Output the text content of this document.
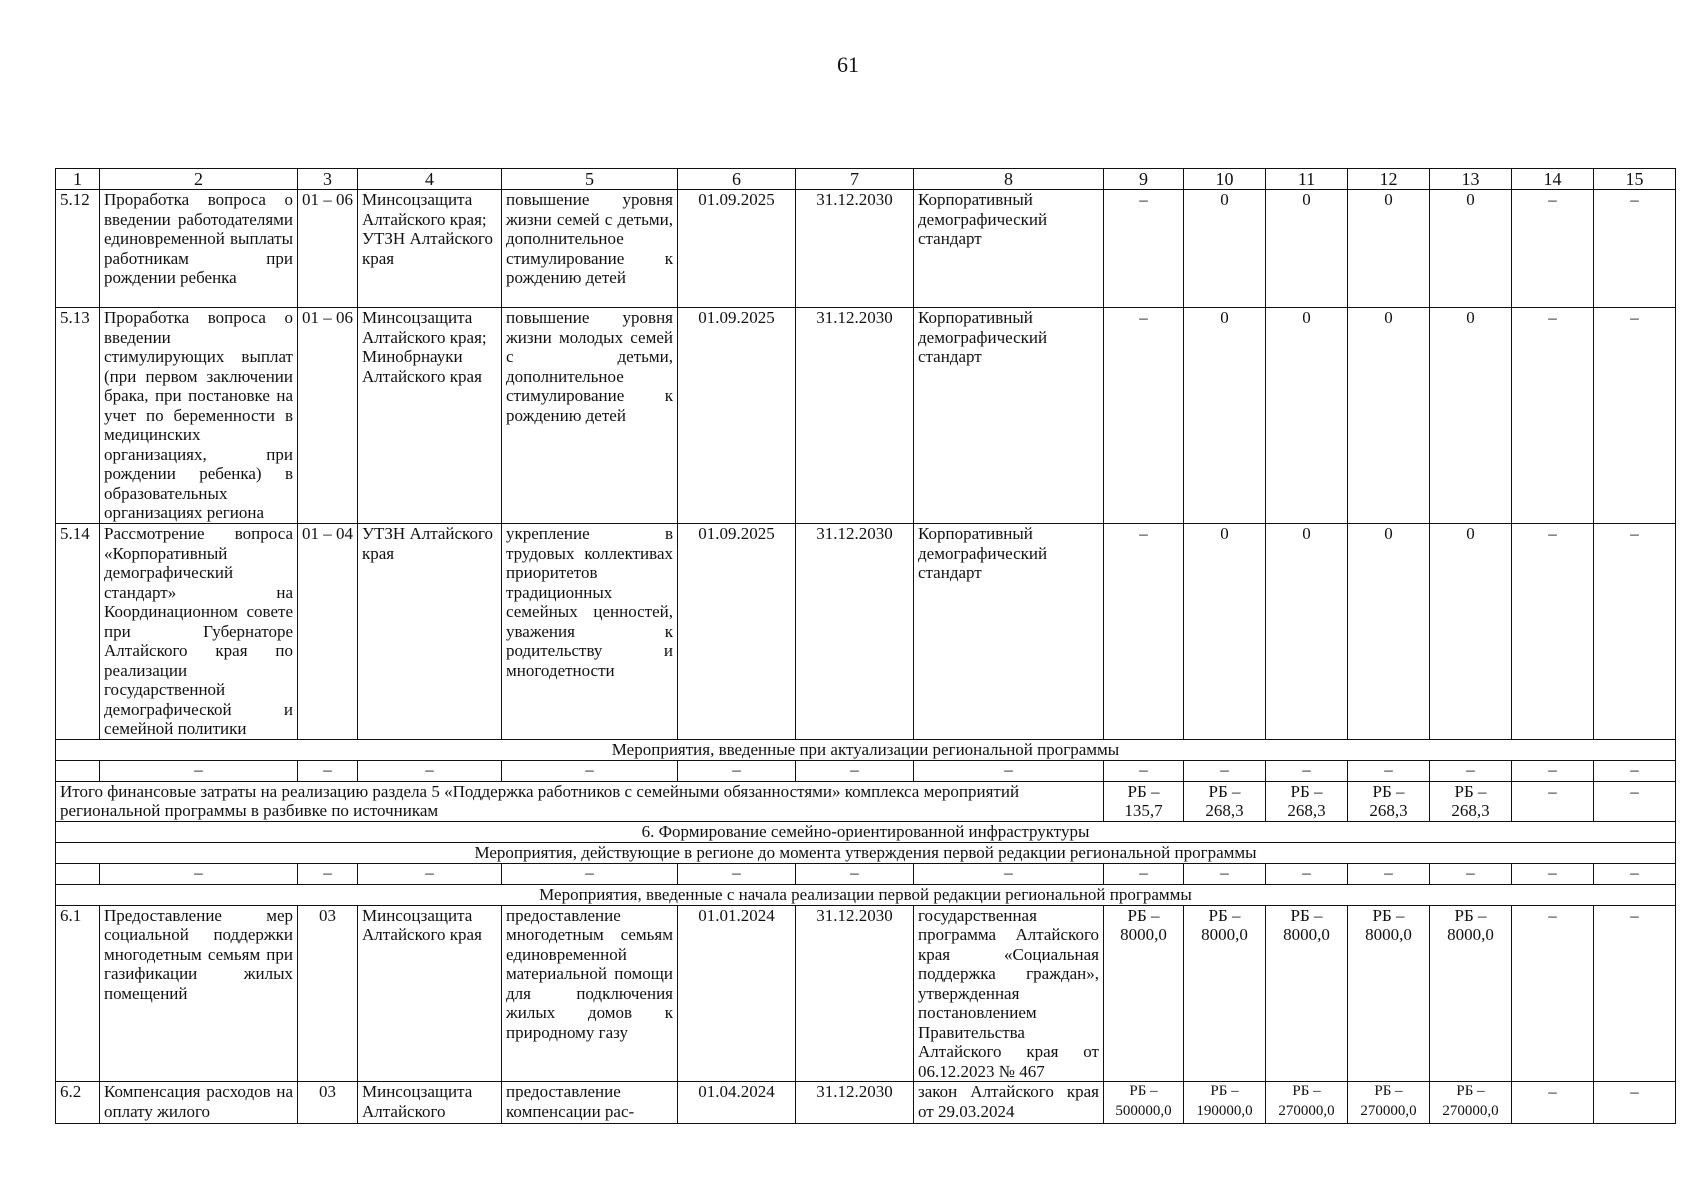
61
1	2	3	4	5	6	7	8	9	10	11	12	13	14	15
5.12	Проработка вопроса о введении работодателями единовременной выплаты работникам при рождении ребенка	01 – 06	Минсоцзащита Алтайского края; УТЗН Алтайского края	повышение уровня жизни семей с детьми, дополнительное стимулирование к рождению детей	01.09.2025	31.12.2030	Корпоративный демографический стандарт	–	0	0	0	0	–	–
5.13	Проработка вопроса о введении стимулирующих выплат (при первом заключении брака, при постановке на учет по беременности в медицинских организациях, при рождении ребенка) в образовательных организациях региона	01 – 06	Минсоцзащита Алтайского края; Минобрнауки Алтайского края	повышение уровня жизни молодых семей с детьми, дополнительное стимулирование к рождению детей	01.09.2025	31.12.2030	Корпоративный демографический стандарт	–	0	0	0	0	–	–
5.14	Рассмотрение вопроса «Корпоративный демографический стандарт» на Координационном совете при Губернаторе Алтайского края по реализации государственной демографической и семейной политики	01 – 04	УТЗН Алтайского края	укрепление в трудовых коллективах приоритетов традиционных семейных ценностей, уважения к родительству и многодетности	01.09.2025	31.12.2030	Корпоративный демографический стандарт	–	0	0	0	0	–	–
Мероприятия, введенные при актуализации региональной программы														
	–	–	–	–	–	–	–	–	–	–	–	–	–	–
Итого финансовые затраты на реализацию раздела 5 «Поддержка работников с семейными обязанностями» комплекса мероприятий региональной программы в разбивке по источникам								РБ – 135,7	РБ – 268,3	РБ – 268,3	РБ – 268,3	РБ – 268,3	–	–
6. Формирование семейно-ориентированной инфраструктуры														
Мероприятия, действующие в регионе до момента утверждения первой редакции региональной программы														
	–	–	–	–	–	–	–	–	–	–	–	–	–	–
Мероприятия, введенные с начала реализации первой редакции региональной программы														
6.1	Предоставление мер социальной поддержки многодетным семьям при газификации жилых помещений	03	Минсоцзащита Алтайского края	предоставление многодетным семьям единовременной материальной помощи для подключения жилых домов к природному газу	01.01.2024	31.12.2030	государственная программа Алтайского края «Социальная поддержка граждан», утвержденная постановлением Правительства Алтайского края от 06.12.2023 № 467	РБ – 8000,0	РБ – 8000,0	РБ – 8000,0	РБ – 8000,0	РБ – 8000,0	–	–
6.2	Компенсация расходов на оплату жилого	03	Минсоцзащита Алтайского	предоставление компенсации рас-	01.04.2024	31.12.2030	закон Алтайского края от 29.03.2024	РБ – 500000,0	РБ – 190000,0	РБ – 270000,0	РБ – 270000,0	РБ – 270000,0	–	–
